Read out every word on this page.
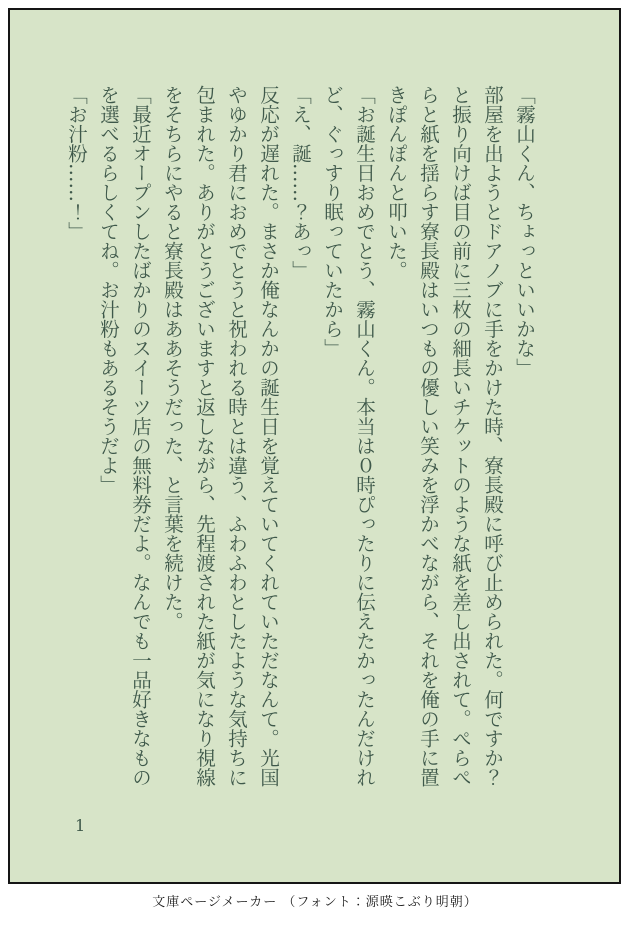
「霧山くん、ちょっといいかな」

部屋を出ようとドアノブに手をかけた時、寮長殿に呼び止められた。何ですか？と振り向けば目の前に三枚の細長いチケットのような紙を差し出されて。ぺらぺらと紙を揺らす寮長殿はいつもの優しい笑みを浮かべながら、それを俺の手に置きぽんぽんと叩いた。

「お誕生日おめでとう、霧山くん。本当は０時ぴったりに伝えたかったんだけれど、ぐっすり眠っていたから」

「え、誕……？あっ」

反応が遅れた。まさか俺なんかの誕生日を覚えていてくれていただなんて。光国やゆかり君におめでとうと祝われる時とは違う、ふわふわとしたような気持ちに包まれた。ありがとうございますと返しながら、先程渡された紙が気になり視線をそちらにやると寮長殿はああそうだった、と言葉を続けた。

「最近オープンしたばかりのスイーツ店の無料券だよ。なんでも一品好きなものを選べるらしくてね。お汁粉もあるそうだよ」

「お汁粉……！」

1
文庫ページメーカー （フォント：源暎こぶり明朝）
